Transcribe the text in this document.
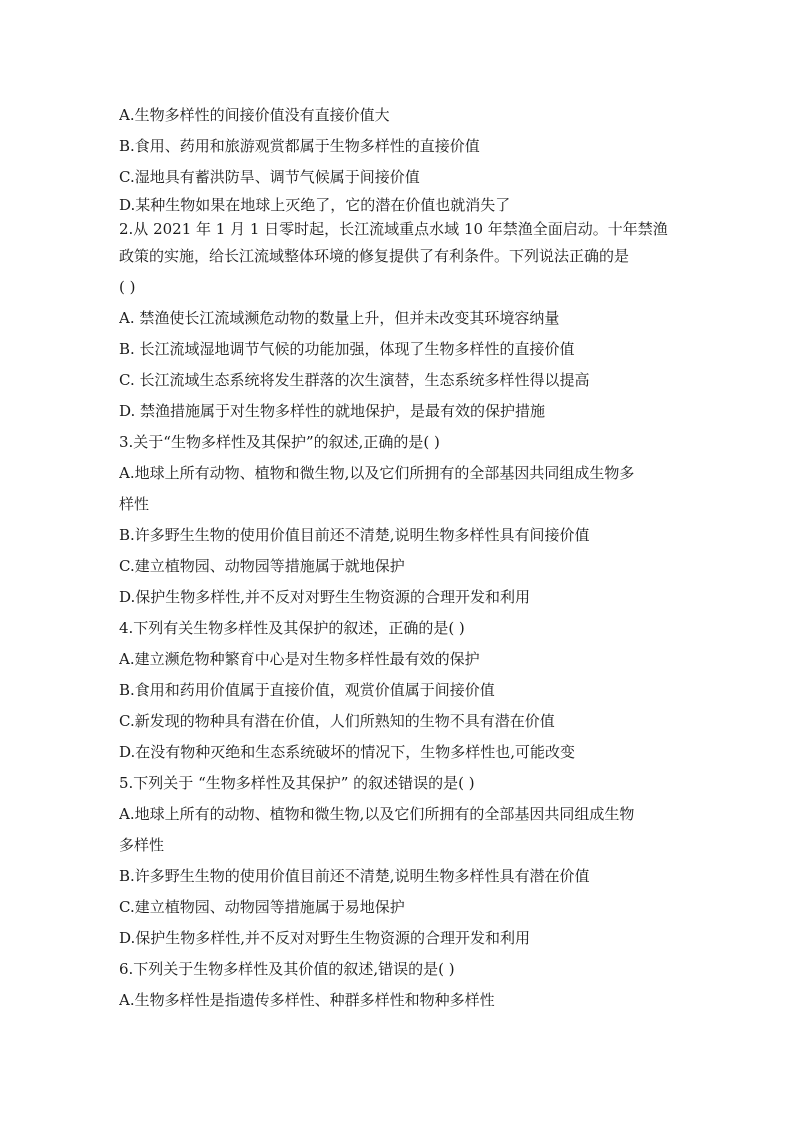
A.生物多样性的间接价值没有直接价值大
B.食用、药用和旅游观赏都属于生物多样性的直接价值
C.湿地具有蓄洪防旱、调节气候属于间接价值
D.某种生物如果在地球上灭绝了，它的潜在价值也就消失了
2.从 2021 年 1 月 1 日零时起，长江流域重点水域 10 年禁渔全面启动。十年禁渔
政策的实施，给长江流域整体环境的修复提供了有利条件。下列说法正确的是
( )
A. 禁渔使长江流域濒危动物的数量上升，但并未改变其环境容纳量
B. 长江流域湿地调节气候的功能加强，体现了生物多样性的直接价值
C. 长江流域生态系统将发生群落的次生演替，生态系统多样性得以提高
D. 禁渔措施属于对生物多样性的就地保护，是最有效的保护措施
3.关于“生物多样性及其保护”的叙述,正确的是( )
A.地球上所有动物、植物和微生物,以及它们所拥有的全部基因共同组成生物多
样性
B.许多野生生物的使用价值目前还不清楚,说明生物多样性具有间接价值
C.建立植物园、动物园等措施属于就地保护
D.保护生物多样性,并不反对对野生生物资源的合理开发和利用
4.下列有关生物多样性及其保护的叙述，正确的是( )
A.建立濒危物种繁育中心是对生物多样性最有效的保护
B.食用和药用价值属于直接价值，观赏价值属于间接价值
C.新发现的物种具有潜在价值，人们所熟知的生物不具有潜在价值
D.在没有物种灭绝和生态系统破坏的情况下，生物多样性也,可能改变
5.下列关于 “生物多样性及其保护” 的叙述错误的是( )
A.地球上所有的动物、植物和微生物,以及它们所拥有的全部基因共同组成生物
多样性
B.许多野生生物的使用价值目前还不清楚,说明生物多样性具有潜在价值
C.建立植物园、动物园等措施属于易地保护
D.保护生物多样性,并不反对对野生生物资源的合理开发和利用
6.下列关于生物多样性及其价值的叙述,错误的是( )
A.生物多样性是指遗传多样性、种群多样性和物种多样性
